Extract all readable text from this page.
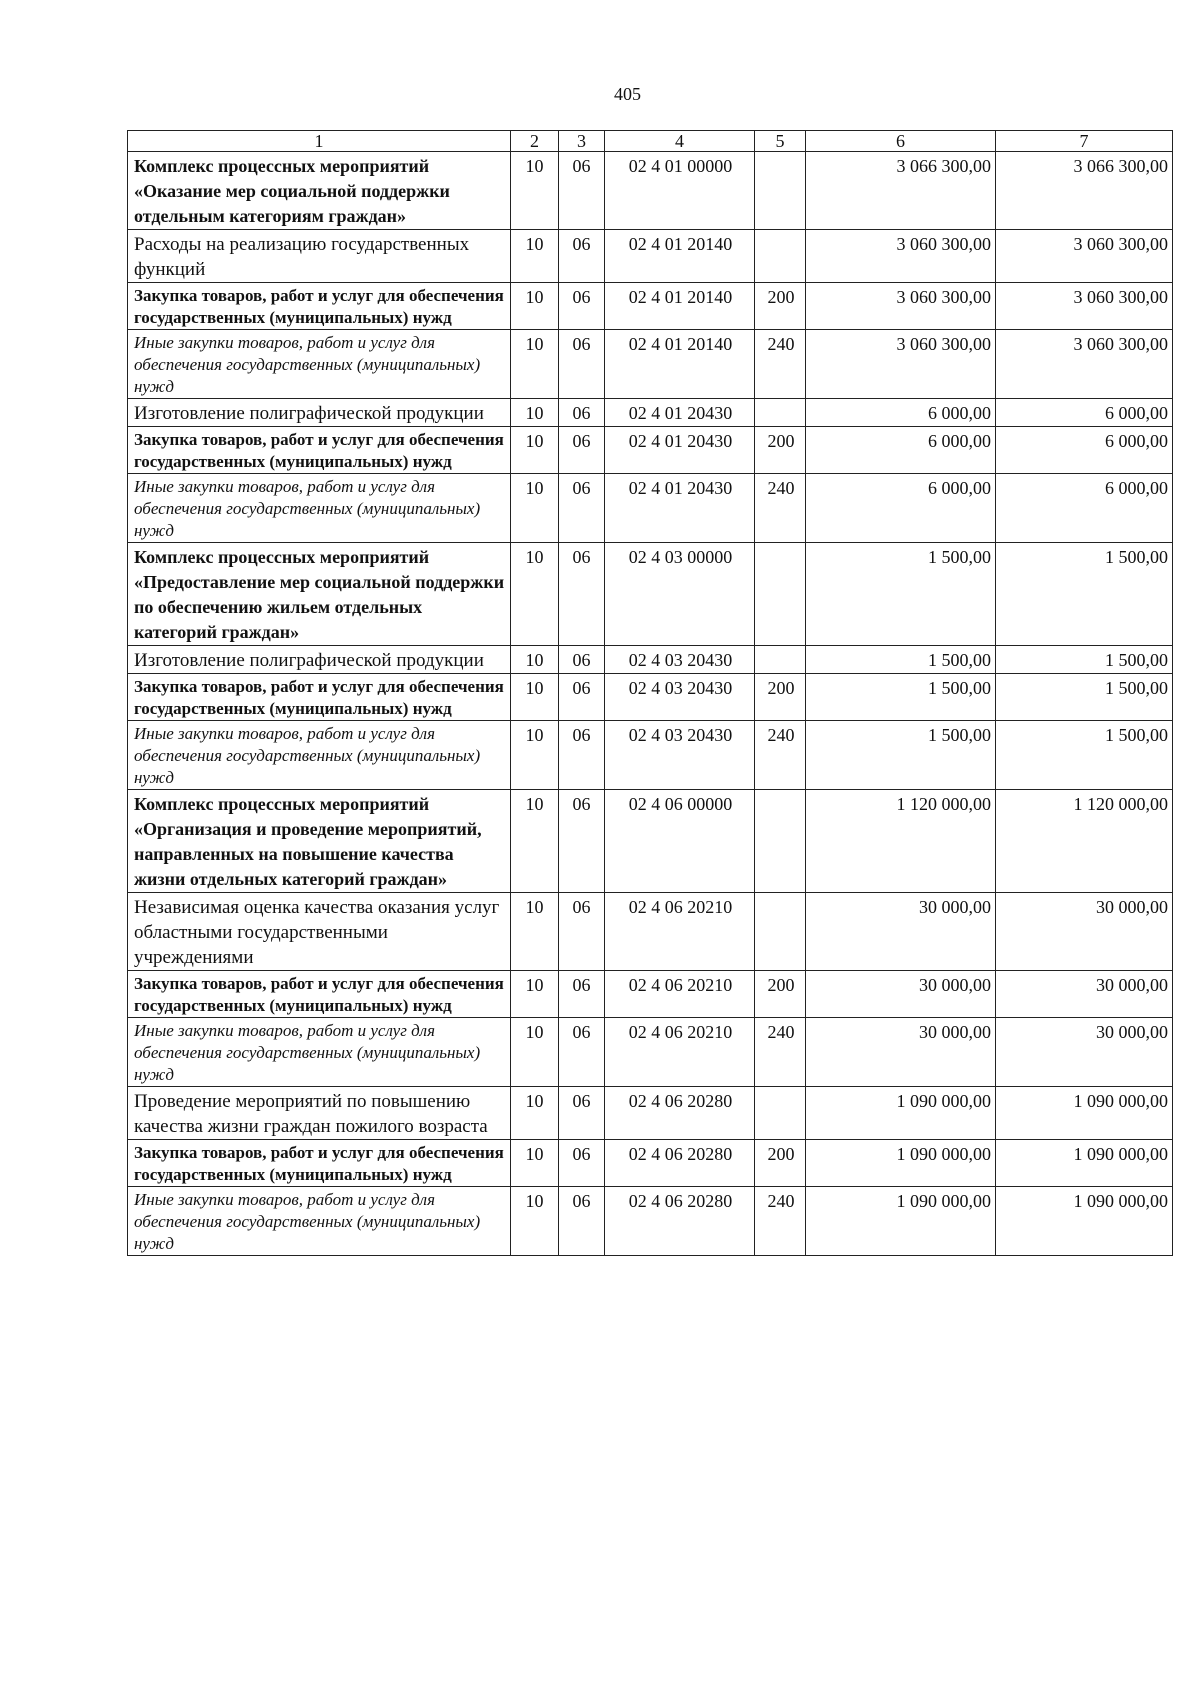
405
1	2	3	4	5	6	7
Комплекс процессных мероприятий «Оказание мер социальной поддержки отдельным категориям граждан»	10	06	02 4 01 00000		3 066 300,00	3 066 300,00
Расходы на реализацию государственных функций	10	06	02 4 01 20140		3 060 300,00	3 060 300,00
Закупка товаров, работ и услуг для обеспечения государственных (муниципальных) нужд	10	06	02 4 01 20140	200	3 060 300,00	3 060 300,00
Иные закупки товаров, работ и услуг для обеспечения государственных (муниципальных) нужд	10	06	02 4 01 20140	240	3 060 300,00	3 060 300,00
Изготовление полиграфической продукции	10	06	02 4 01 20430		6 000,00	6 000,00
Закупка товаров, работ и услуг для обеспечения государственных (муниципальных) нужд	10	06	02 4 01 20430	200	6 000,00	6 000,00
Иные закупки товаров, работ и услуг для обеспечения государственных (муниципальных) нужд	10	06	02 4 01 20430	240	6 000,00	6 000,00
Комплекс процессных мероприятий «Предоставление мер социальной поддержки по обеспечению жильем отдельных категорий граждан»	10	06	02 4 03 00000		1 500,00	1 500,00
Изготовление полиграфической продукции	10	06	02 4 03 20430		1 500,00	1 500,00
Закупка товаров, работ и услуг для обеспечения государственных (муниципальных) нужд	10	06	02 4 03 20430	200	1 500,00	1 500,00
Иные закупки товаров, работ и услуг для обеспечения государственных (муниципальных) нужд	10	06	02 4 03 20430	240	1 500,00	1 500,00
Комплекс процессных мероприятий «Организация и проведение мероприятий, направленных на повышение качества жизни отдельных категорий граждан»	10	06	02 4 06 00000		1 120 000,00	1 120 000,00
Независимая оценка качества оказания услуг областными государственными учреждениями	10	06	02 4 06 20210		30 000,00	30 000,00
Закупка товаров, работ и услуг для обеспечения государственных (муниципальных) нужд	10	06	02 4 06 20210	200	30 000,00	30 000,00
Иные закупки товаров, работ и услуг для обеспечения государственных (муниципальных) нужд	10	06	02 4 06 20210	240	30 000,00	30 000,00
Проведение мероприятий по повышению качества жизни граждан пожилого возраста	10	06	02 4 06 20280		1 090 000,00	1 090 000,00
Закупка товаров, работ и услуг для обеспечения государственных (муниципальных) нужд	10	06	02 4 06 20280	200	1 090 000,00	1 090 000,00
Иные закупки товаров, работ и услуг для обеспечения государственных (муниципальных) нужд	10	06	02 4 06 20280	240	1 090 000,00	1 090 000,00
